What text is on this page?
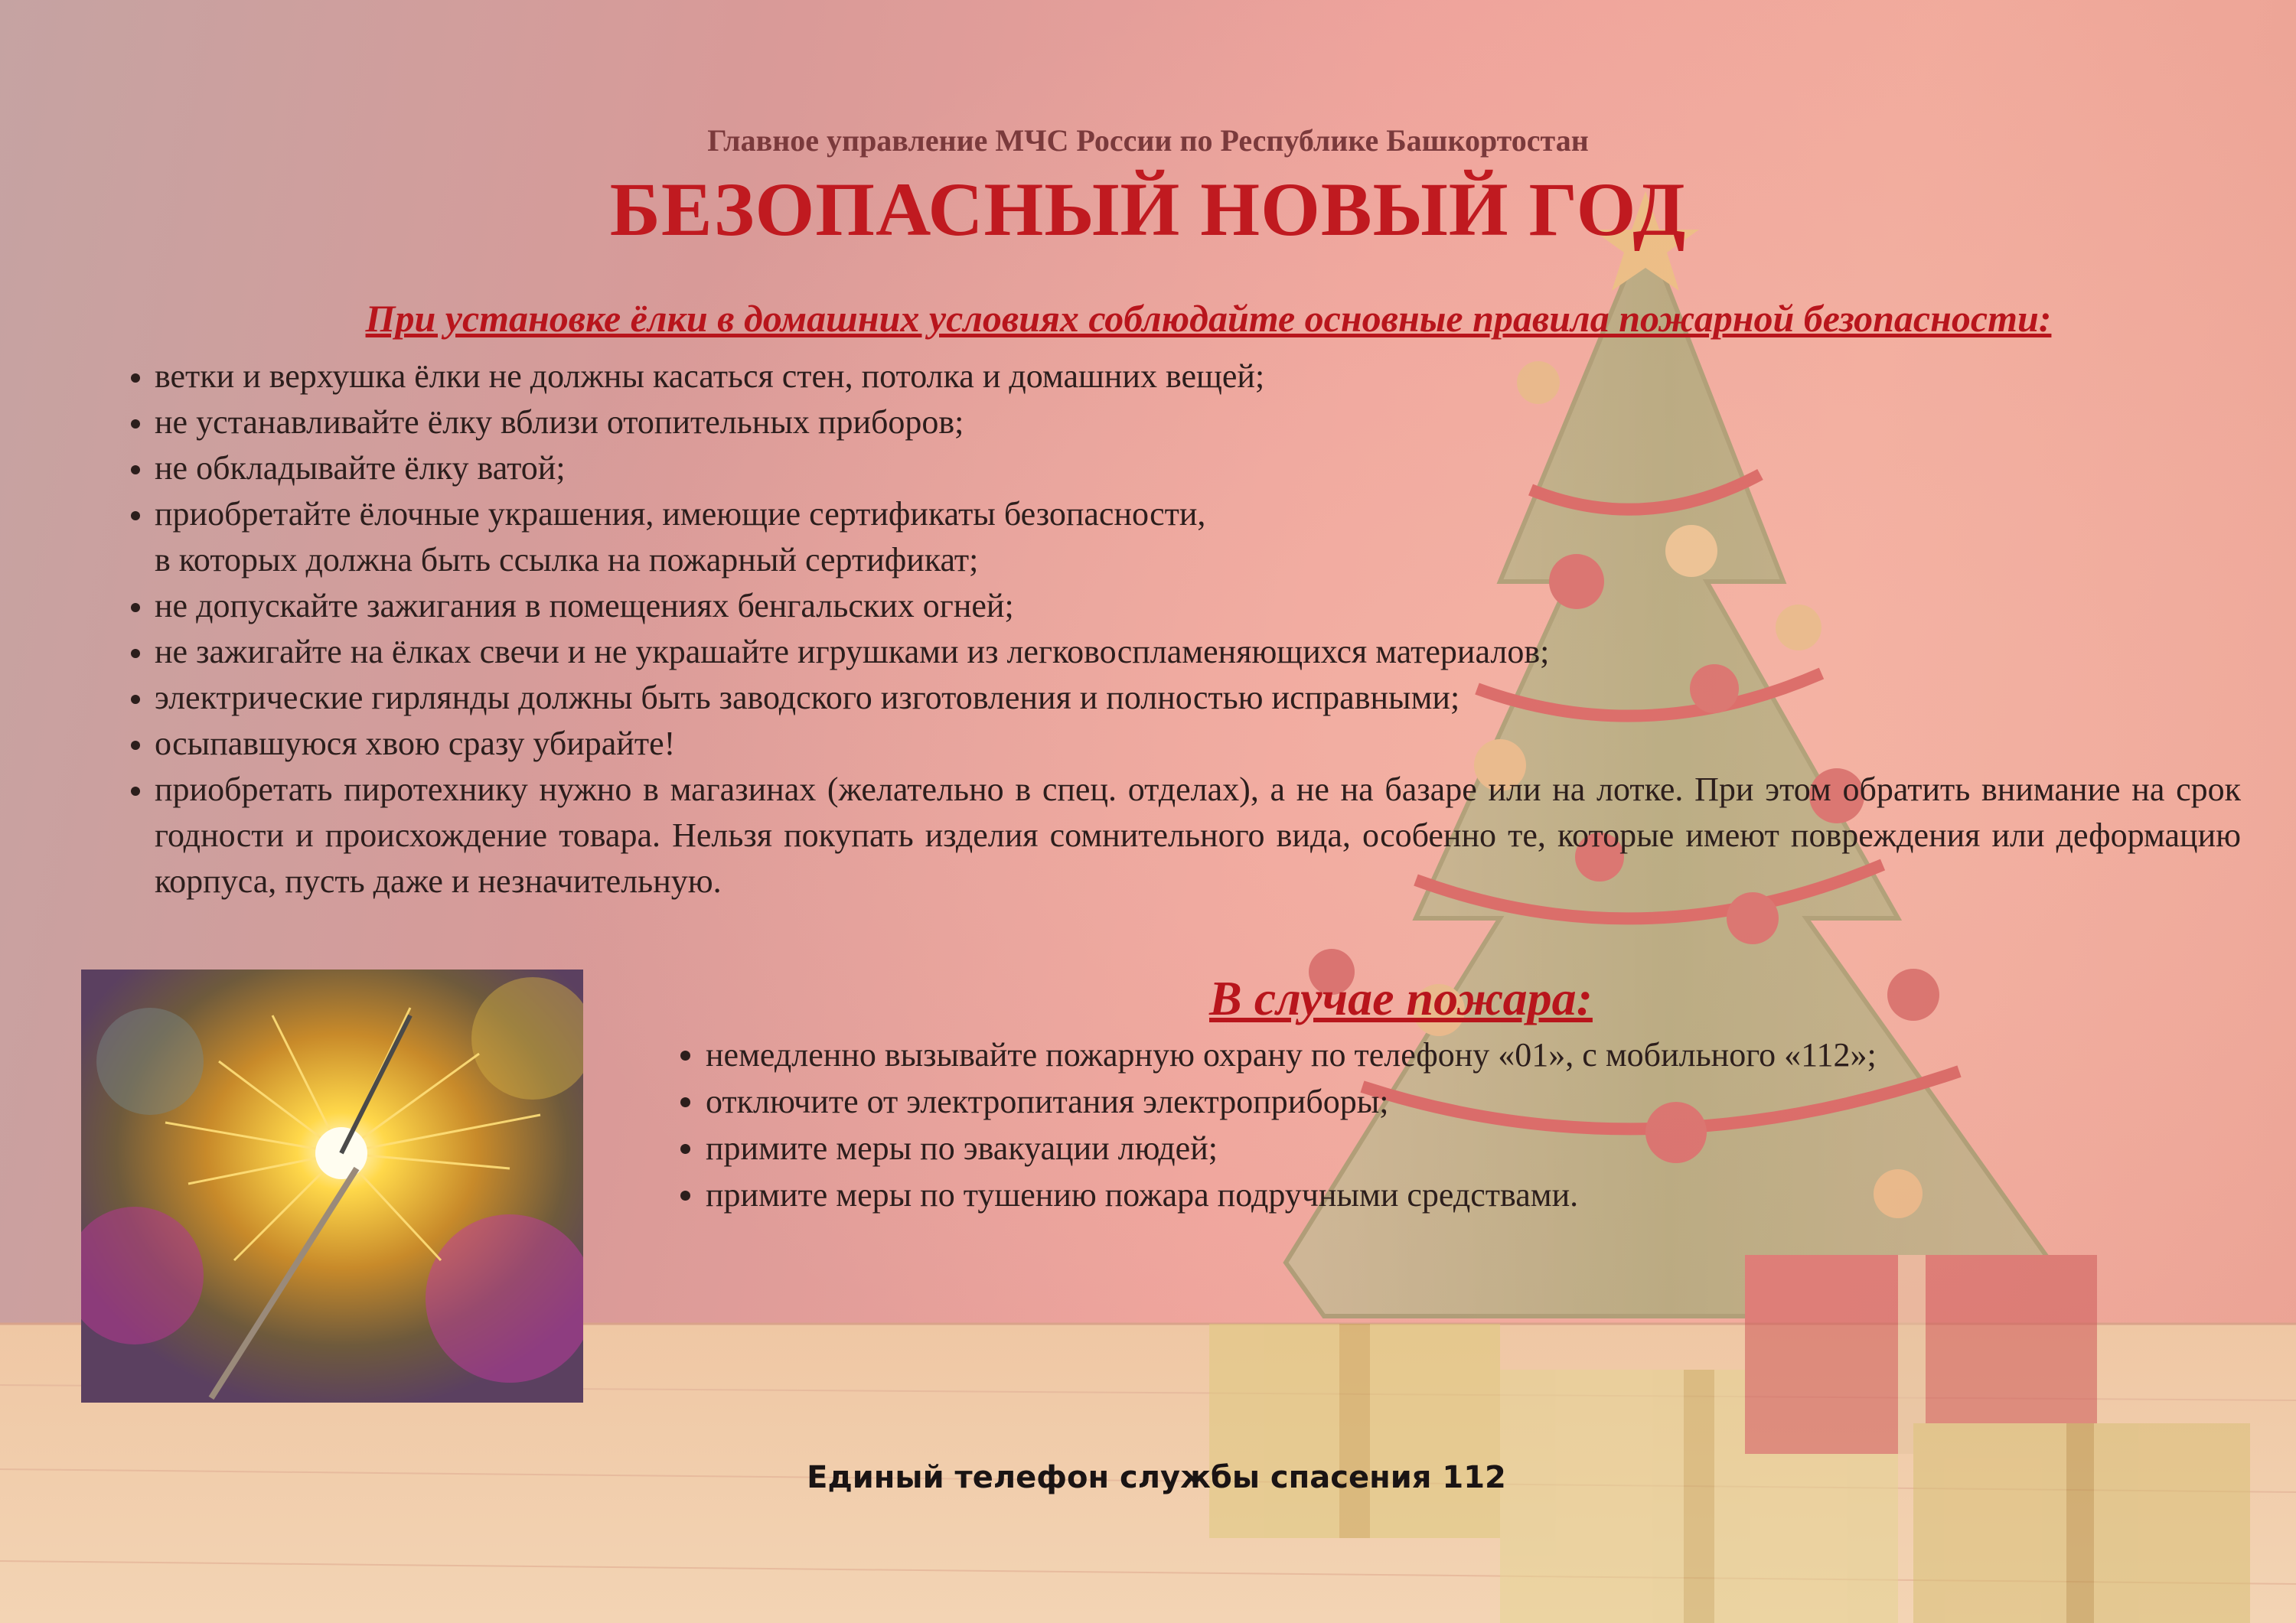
Главное управление МЧС России по Республике Башкортостан
БЕЗОПАСНЫЙ НОВЫЙ ГОД
При установке ёлки в домашних условиях соблюдайте основные правила пожарной безопасности:
• ветки и верхушка ёлки не должны касаться стен, потолка и домашних вещей;
• не устанавливайте ёлку вблизи отопительных приборов;
• не обкладывайте ёлку ватой;
• приобретайте ёлочные украшения, имеющие сертификаты безопасности,
в которых должна быть ссылка на пожарный сертификат;
• не допускайте зажигания в помещениях бенгальских огней;
• не зажигайте на ёлках свечи и не украшайте игрушками из легковоспламеняющихся материалов;
• электрические гирлянды должны быть заводского изготовления и полностью исправными;
• осыпавшуюся хвою сразу убирайте!
• приобретать пиротехнику нужно в магазинах (желательно в спец. отделах), а не на базаре или на лотке. При этом обратить внимание на срок годности и происхождение товара. Нельзя покупать изделия сомнительного вида, особенно те, которые имеют повреждения или деформацию корпуса, пусть даже и незначительную.
В случае пожара:
• немедленно вызывайте пожарную охрану по телефону «01», с мобильного «112»;
• отключите от электропитания электроприборы;
• примите меры по эвакуации людей;
• примите меры по тушению пожара подручными средствами.
Единый телефон службы спасения 112
